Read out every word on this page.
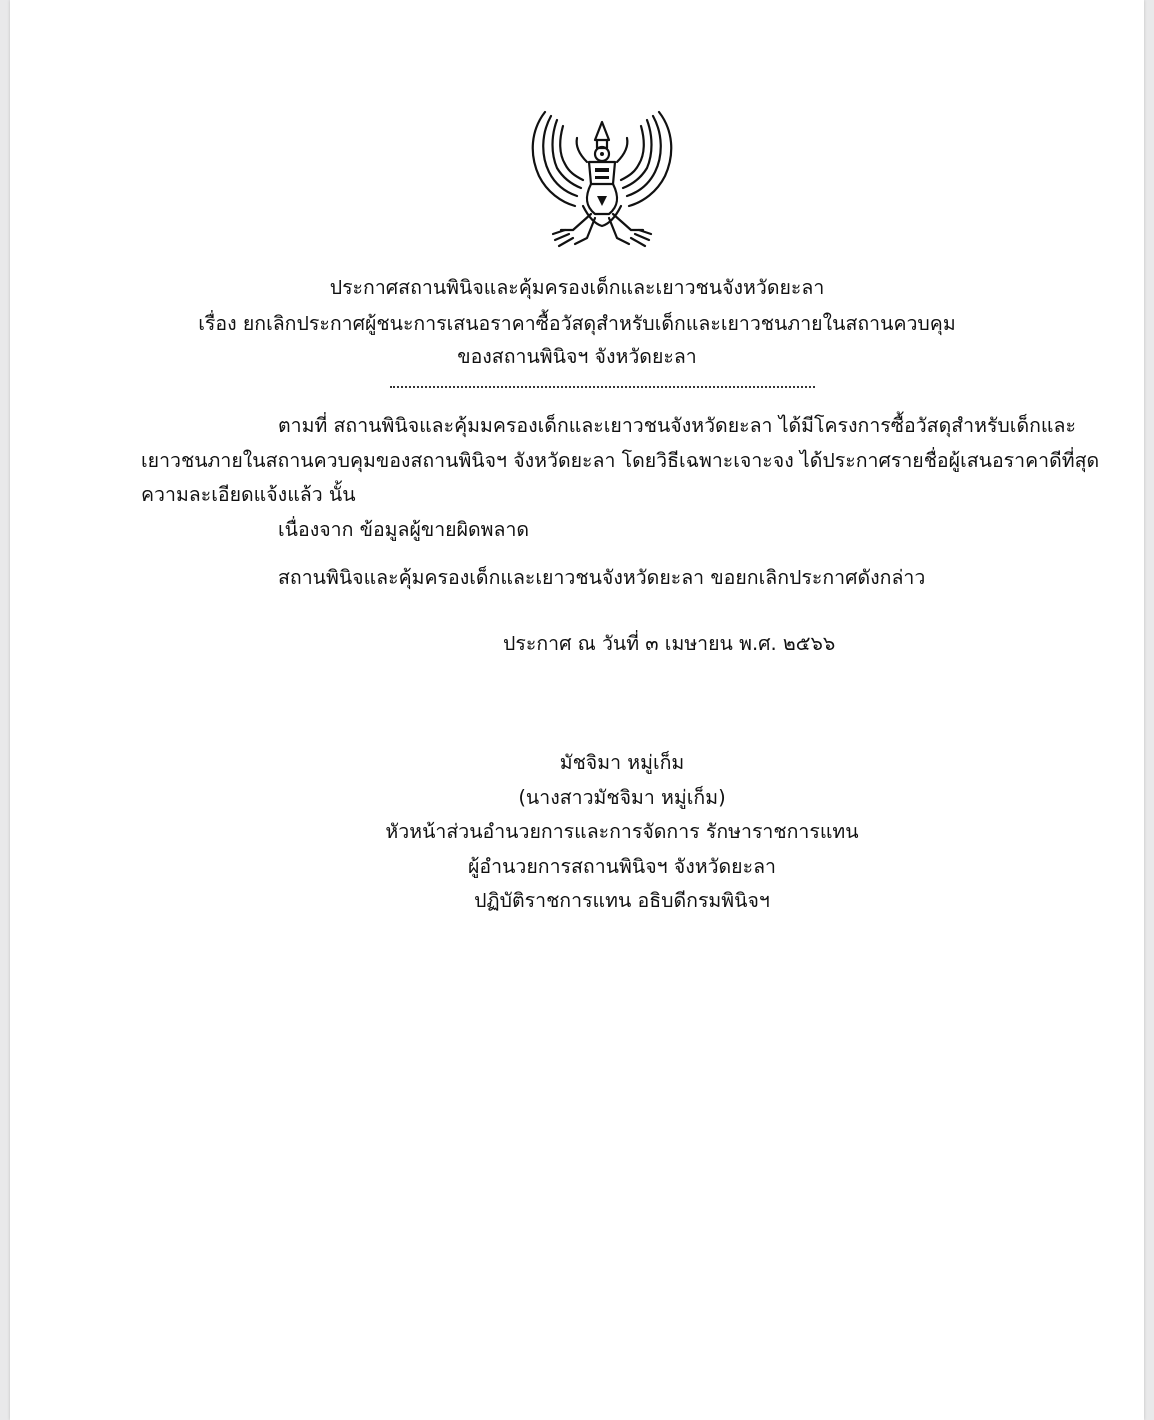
ประกาศสถานพินิจและคุ้มครองเด็กและเยาวชนจังหวัดยะลา
เรื่อง ยกเลิกประกาศผู้ชนะการเสนอราคาซื้อวัสดุสำหรับเด็กและเยาวชนภายในสถานควบคุม
ของสถานพินิจฯ จังหวัดยะลา
ตามที่ สถานพินิจและคุ้มมครองเด็กและเยาวชนจังหวัดยะลา ได้มีโครงการซื้อวัสดุสำหรับเด็กและ
เยาวชนภายในสถานควบคุมของสถานพินิจฯ จังหวัดยะลา โดยวิธีเฉพาะเจาะจง ได้ประกาศรายชื่อผู้เสนอราคาดีที่สุด
ความละเอียดแจ้งแล้ว นั้น
เนื่องจาก ข้อมูลผู้ขายผิดพลาด
สถานพินิจและคุ้มครองเด็กและเยาวชนจังหวัดยะลา ขอยกเลิกประกาศดังกล่าว
ประกาศ ณ วันที่ ๓ เมษายน พ.ศ. ๒๕๖๖
มัชจิมา หมู่เก็ม
(นางสาวมัชจิมา หมู่เก็ม)
หัวหน้าส่วนอำนวยการและการจัดการ รักษาราชการแทน
ผู้อำนวยการสถานพินิจฯ จังหวัดยะลา
ปฏิบัติราชการแทน อธิบดีกรมพินิจฯ
